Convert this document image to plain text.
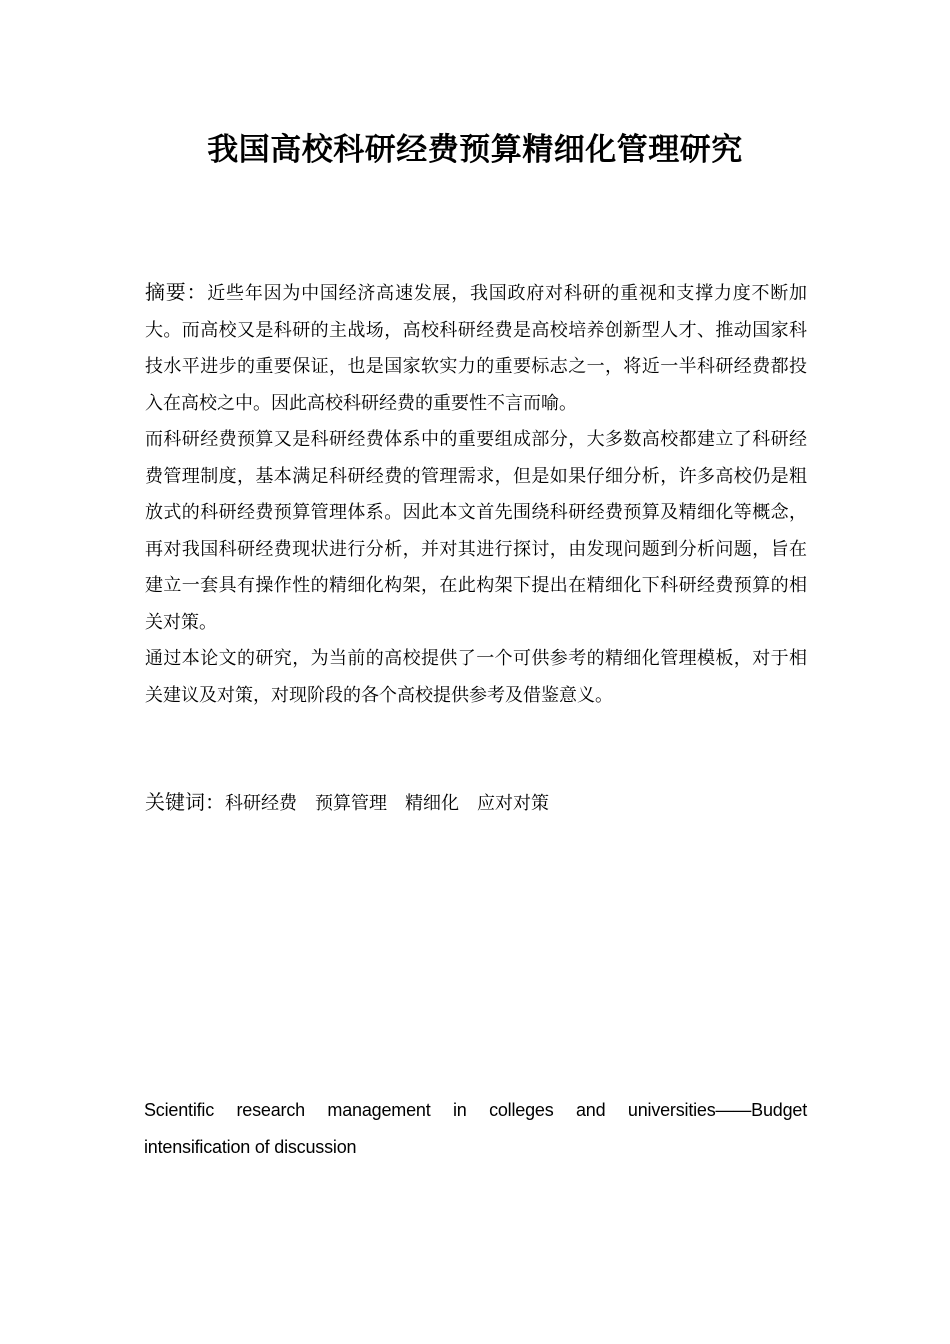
我国高校科研经费预算精细化管理研究

摘要：近些年因为中国经济高速发展，我国政府对科研的重视和支撑力度不断加大。而高校又是科研的主战场，高校科研经费是高校培养创新型人才、推动国家科技水平进步的重要保证，也是国家软实力的重要标志之一，将近一半科研经费都投入在高校之中。因此高校科研经费的重要性不言而喻。

而科研经费预算又是科研经费体系中的重要组成部分，大多数高校都建立了科研经费管理制度，基本满足科研经费的管理需求，但是如果仔细分析，许多高校仍是粗放式的科研经费预算管理体系。因此本文首先围绕科研经费预算及精细化等概念，再对我国科研经费现状进行分析，并对其进行探讨，由发现问题到分析问题，旨在建立一套具有操作性的精细化构架，在此构架下提出在精细化下科研经费预算的相关对策。

通过本论文的研究，为当前的高校提供了一个可供参考的精细化管理模板，对于相关建议及对策，对现阶段的各个高校提供参考及借鉴意义。

关键词：科研经费 预算管理 精细化 应对对策
Scientific research management in colleges and universities——Budget intensification of discussion
